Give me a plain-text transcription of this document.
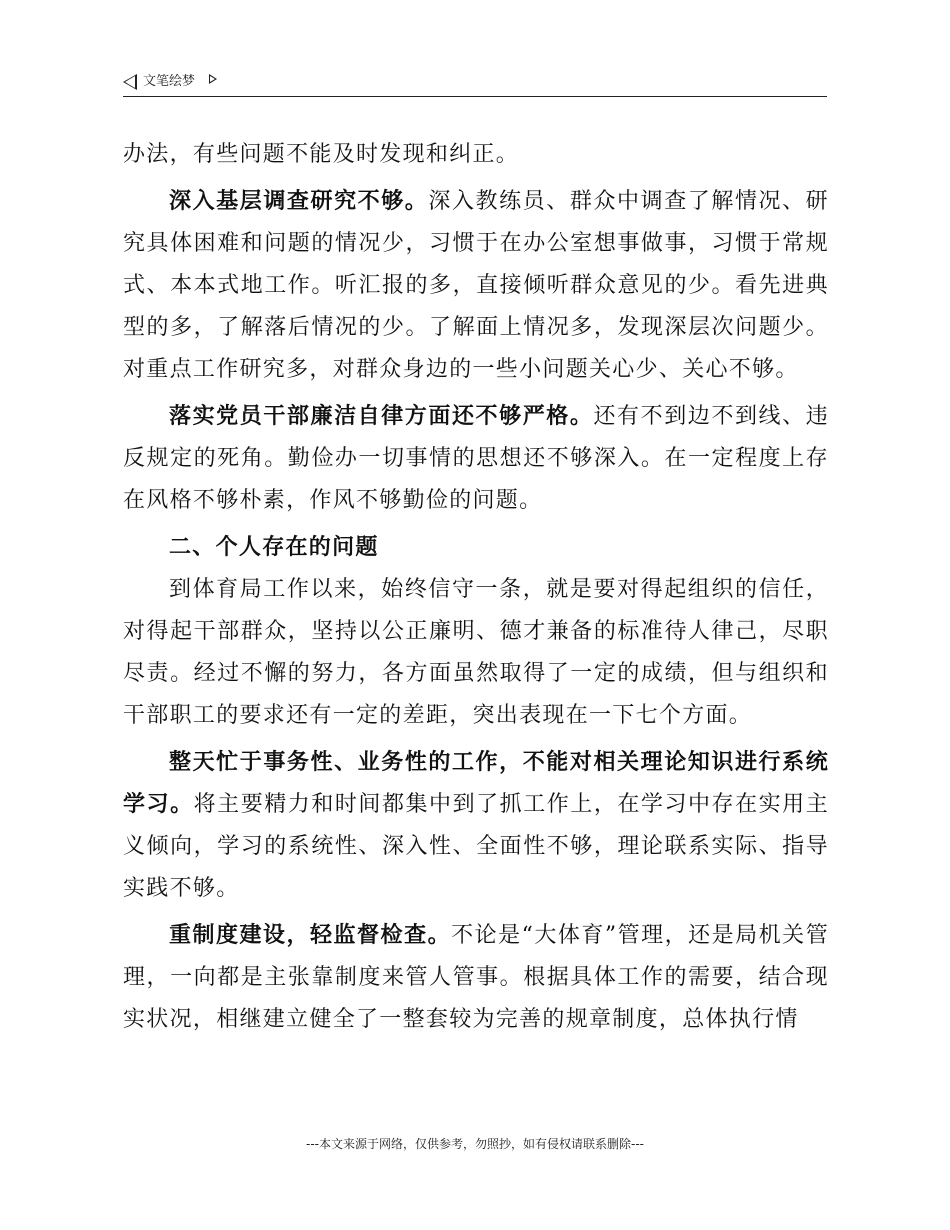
文笔绘梦

办法，有些问题不能及时发现和纠正。

深入基层调查研究不够。深入教练员、群众中调查了解情况、研究具体困难和问题的情况少，习惯于在办公室想事做事，习惯于常规式、本本式地工作。听汇报的多，直接倾听群众意见的少。看先进典型的多，了解落后情况的少。了解面上情况多，发现深层次问题少。对重点工作研究多，对群众身边的一些小问题关心少、关心不够。

落实党员干部廉洁自律方面还不够严格。还有不到边不到线、违反规定的死角。勤俭办一切事情的思想还不够深入。在一定程度上存在风格不够朴素，作风不够勤俭的问题。

二、个人存在的问题

到体育局工作以来，始终信守一条，就是要对得起组织的信任，对得起干部群众，坚持以公正廉明、德才兼备的标准待人律己，尽职尽责。经过不懈的努力，各方面虽然取得了一定的成绩，但与组织和干部职工的要求还有一定的差距，突出表现在一下七个方面。

整天忙于事务性、业务性的工作，不能对相关理论知识进行系统学习。将主要精力和时间都集中到了抓工作上，在学习中存在实用主义倾向，学习的系统性、深入性、全面性不够，理论联系实际、指导实践不够。

重制度建设，轻监督检查。不论是“大体育”管理，还是局机关管理，一向都是主张靠制度来管人管事。根据具体工作的需要，结合现实状况，相继建立健全了一整套较为完善的规章制度，总体执行情

---本文来源于网络，仅供参考，勿照抄，如有侵权请联系删除---
